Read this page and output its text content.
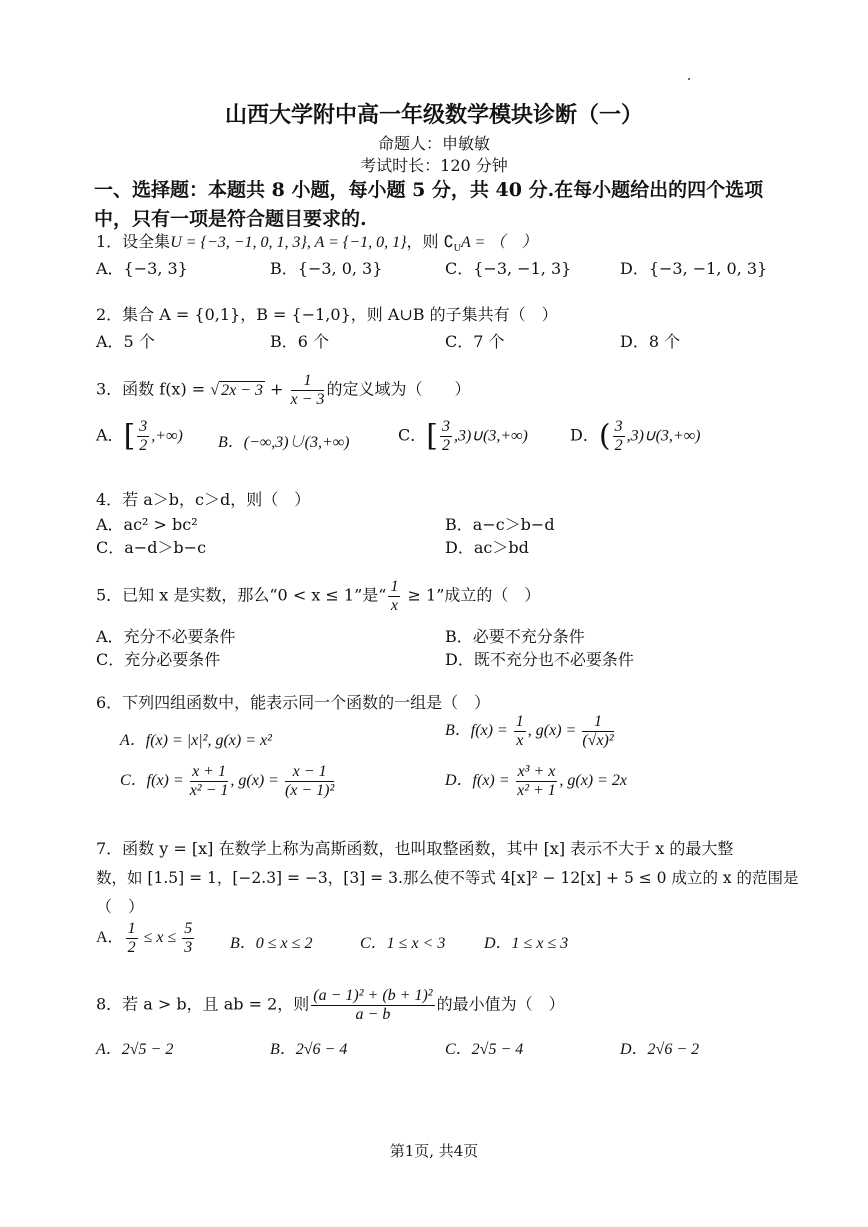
山西大学附中高一年级数学模块诊断（一）
命题人：申敏敏
考试时长：120 分钟
一、选择题：本题共 8 小题，每小题 5 分，共 40 分.在每小题给出的四个选项
中，只有一项是符合题目要求的.
1．设全集U = {−3, −1, 0, 1, 3}, A = {−1, 0, 1}，则 $∁_UA$ = （　）
A．{−3, 3}	B．{−3, 0, 3}	C．{−3, −1, 3}	D．{−3, −1, 0, 3}
2．集合 A = {0,1}，B = {−1,0}，则 A∪B 的子集共有（　）
A．5 个	B．6 个	C．7 个	D．8 个
3．函数 f(x) = √ $2x - 3 + \frac{1}{x - 3}$ 的定义域为（　　）
A．[ $\frac{3}{2}$ ,+∞) B．(−∞,3)∪(3,+∞)	C．[ $\frac{3}{2}$ ,3)∪(3,+∞)	D．( $\frac{3}{2}$ ,3)∪(3,+∞)
4．若 a＞b，c＞d，则（　）
A．ac² > bc²	B．a−c＞b−d
C．a−d＞b−c	D．ac＞bd
5．已知 x 是实数，那么“0 < x ≤ 1”是“ $\frac{1}{x} \ge 1$”成立的（　）
A．充分不必要条件	B．必要不充分条件
C．充分必要条件	D．既不充分也不必要条件
6．下列四组函数中，能表示同一个函数的一组是（　）
A．f(x) = |x|², g(x) = x²
B．$f(x) = \frac{1}{x}$ , $g(x) = \frac{1}{\text{(√x)²}}$
C．$f(x) = \frac{x + 1}{\text{x² − 1}}$ , $g(x) = \frac{x - 1}{\text{(x − 1)²}}$	D．$f(x) = \frac{\text{x³ + x}}{\text{x² + 1}}$ , g(x) = 2x
7．函数 y = [x] 在数学上称为高斯函数，也叫取整函数，其中 [x] 表示不大于 x 的最大整
数，如 [1.5] = 1，[−2.3] = −3，[3] = 3.那么使不等式 4[x]² − 12[x] + 5 ≤ 0 成立的 x 的范围是
（　）
A． $\frac{1}{2} \le x \le \frac{5}{3}$ B．0 ≤ x ≤ 2	C．1 ≤ x < 3 D．1 ≤ x ≤ 3
8．若 a > b，且 ab = 2，则 $\frac{\text{(a − 1)² + (b + 1)²}}{a - b}$ 的最小值为（　）
A．2√5 − 2	B．2√6 − 4	C．2√5 − 4	D．2√6 − 2
第1页, 共4页
